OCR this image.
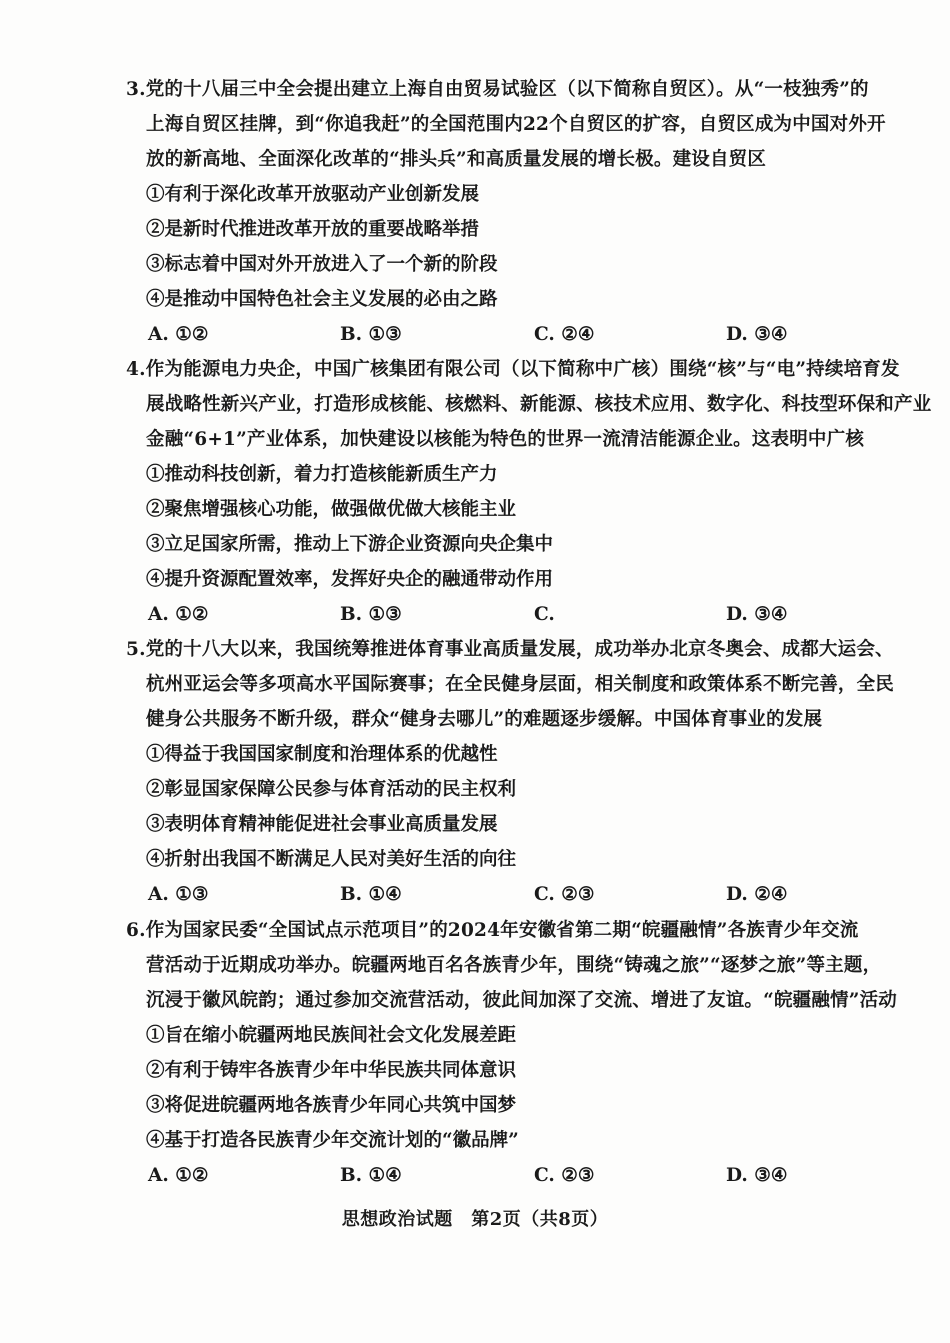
3.党的十八届三中全会提出建立上海自由贸易试验区（以下简称自贸区）。从“一枝独秀”的
上海自贸区挂牌，到“你追我赶”的全国范围内22个自贸区的扩容，自贸区成为中国对外开
放的新高地、全面深化改革的“排头兵”和高质量发展的增长极。建设自贸区
①有利于深化改革开放驱动产业创新发展
②是新时代推进改革开放的重要战略举措
③标志着中国对外开放进入了一个新的阶段
④是推动中国特色社会主义发展的必由之路
A. ①②	B. ①③	C. ②④	D. ③④
4.作为能源电力央企，中国广核集团有限公司（以下简称中广核）围绕“核”与“电”持续培育发
展战略性新兴产业，打造形成核能、核燃料、新能源、核技术应用、数字化、科技型环保和产业
金融“6+1”产业体系，加快建设以核能为特色的世界一流清洁能源企业。这表明中广核
①推动科技创新，着力打造核能新质生产力
②聚焦增强核心功能，做强做优做大核能主业
③立足国家所需，推动上下游企业资源向央企集中
④提升资源配置效率，发挥好央企的融通带动作用
A. ①②	B. ①③	C.	D. ③④
5.党的十八大以来，我国统筹推进体育事业高质量发展，成功举办北京冬奥会、成都大运会、
杭州亚运会等多项高水平国际赛事；在全民健身层面，相关制度和政策体系不断完善，全民
健身公共服务不断升级，群众“健身去哪儿”的难题逐步缓解。中国体育事业的发展
①得益于我国国家制度和治理体系的优越性
②彰显国家保障公民参与体育活动的民主权利
③表明体育精神能促进社会事业高质量发展
④折射出我国不断满足人民对美好生活的向往
A. ①③	B. ①④	C. ②③	D. ②④
6.作为国家民委“全国试点示范项目”的2024年安徽省第二期“皖疆融情”各族青少年交流
营活动于近期成功举办。皖疆两地百名各族青少年，围绕“铸魂之旅”“逐梦之旅”等主题，
沉浸于徽风皖韵；通过参加交流营活动，彼此间加深了交流、增进了友谊。“皖疆融情”活动
①旨在缩小皖疆两地民族间社会文化发展差距
②有利于铸牢各族青少年中华民族共同体意识
③将促进皖疆两地各族青少年同心共筑中国梦
④基于打造各民族青少年交流计划的“徽品牌”
A. ①②	B. ①④	C. ②③	D. ③④
思想政治试题　第2页（共8页）
